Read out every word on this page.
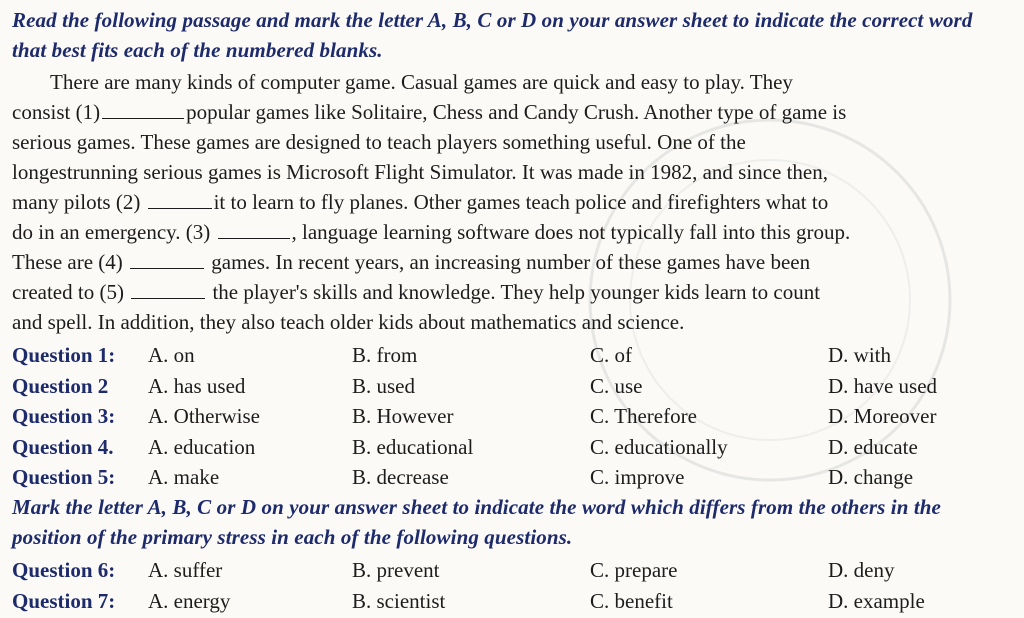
Read the following passage and mark the letter A, B, C or D on your answer sheet to indicate the correct word that best fits each of the numbered blanks.
There are many kinds of computer game. Casual games are quick and easy to play. They
consist (1)	popular games like Solitaire, Chess and Candy Crush. Another type of game is
serious games. These games are designed to teach players something useful. One of the
longestrunning serious games is Microsoft Flight Simulator. It was made in 1982, and since then,
many pilots (2)	it to learn to fly planes. Other games teach police and firefighters what to
do in an emergency. (3)	, language learning software does not typically fall into this group.
These are (4)	games. In recent years, an increasing number of these games have been
created to (5)	the player's skills and knowledge. They help younger kids learn to count
and spell. In addition, they also teach older kids about mathematics and science.
Question 1: A. on	B. from	C. of	D. with
Question 2 A. has used	B. used	C. use	D. have used
Question 3: A. Otherwise	B. However	C. Therefore	D. Moreover
Question 4. A. education	B. educational	C. educationally	D. educate
Question 5: A. make	B. decrease	C. improve	D. change
Mark the letter A, B, C or D on your answer sheet to indicate the word which differs from the others in the position of the primary stress in each of the following questions.
Question 6: A. suffer	B. prevent	C. prepare	D. deny
Question 7: A. energy	B. scientist	C. benefit	D. example
